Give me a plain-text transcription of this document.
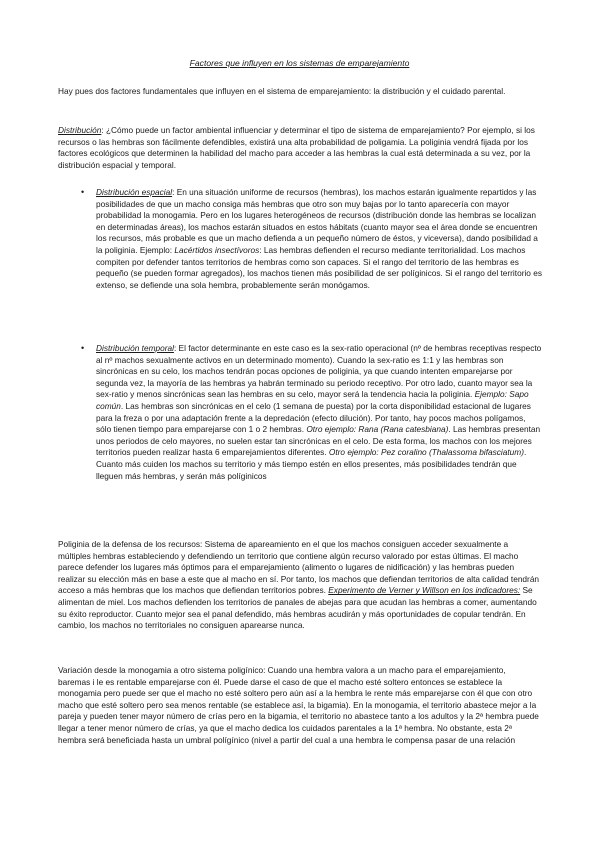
Factores que influyen en los sistemas de emparejamiento

Hay pues dos factores fundamentales que influyen en el sistema de emparejamiento: la distribución y el cuidado parental.

Distribución: ¿Cómo puede un factor ambiental influenciar y determinar el tipo de sistema de emparejamiento? Por ejemplo, si los recursos o las hembras son fácilmente defendibles, existirá una alta probabilidad de poligamia. La poliginia vendrá fijada por los factores ecológicos que determinen la habilidad del macho para acceder a las hembras la cual está determinada a su vez, por la distribución espacial y temporal.

• Distribución espacial: En una situación uniforme de recursos (hembras), los machos estarán igualmente repartidos y las posibilidades de que un macho consiga más hembras que otro son muy bajas por lo tanto aparecería con mayor probabilidad la monogamia. Pero en los lugares heterogéneos de recursos (distribución donde las hembras se localizan en determinadas áreas), los machos estarán situados en estos hábitats (cuanto mayor sea el área donde se encuentren los recursos, más probable es que un macho defienda a un pequeño número de éstos, y viceversa), dando posibilidad a la poliginia. Ejemplo: Lacértidos insectívoros: Las hembras defienden el recurso mediante territorialidad. Los machos compiten por defender tantos territorios de hembras como son capaces. Si el rango del territorio de las hembras es pequeño (se pueden formar agregados), los machos tienen más posibilidad de ser políginicos. Si el rango del territorio es extenso, se defiende una sola hembra, probablemente serán monógamos.
• Distribución temporal: El factor determinante en este caso es la sex-ratio operacional (nº de hembras receptivas respecto al nº machos sexualmente activos en un determinado momento). Cuando la sex-ratio es 1:1 y las hembras son sincrónicas en su celo, los machos tendrán pocas opciones de poliginia, ya que cuando intenten emparejarse por segunda vez, la mayoría de las hembras ya habrán terminado su periodo receptivo. Por otro lado, cuanto mayor sea la sex-ratio y menos sincrónicas sean las hembras en su celo, mayor será la tendencia hacia la poliginia. Ejemplo: Sapo común. Las hembras son sincrónicas en el celo (1 semana de puesta) por la corta disponibilidad estacional de lugares para la freza o por una adaptación frente a la depredación (efecto dilución). Por tanto, hay pocos machos polígamos, sólo tienen tiempo para emparejarse con 1 o 2 hembras. Otro ejemplo: Rana (Rana catesbiana). Las hembras presentan unos periodos de celo mayores, no suelen estar tan sincrónicas en el celo. De esta forma, los machos con los mejores territorios pueden realizar hasta 6 emparejamientos diferentes. Otro ejemplo: Pez coralino (Thalassoma bifasciatum). Cuanto más cuiden los machos su territorio y más tiempo estén en ellos presentes, más posibilidades tendrán que lleguen más hembras, y serán más políginicos

Poliginia de la defensa de los recursos: Sistema de apareamiento en el que los machos consiguen acceder sexualmente a múltiples hembras estableciendo y defendiendo un territorio que contiene algún recurso valorado por estas últimas. El macho parece defender los lugares más óptimos para el emparejamiento (alimento o lugares de nidificación) y las hembras pueden realizar su elección más en base a este que al macho en sí. Por tanto, los machos que defiendan territorios de alta calidad tendrán acceso a más hembras que los machos que defiendan territorios pobres. Experimento de Verner y Willson en los indicadores: Se alimentan de miel. Los machos defienden los territorios de panales de abejas para que acudan las hembras a comer, aumentando su éxito reproductor. Cuanto mejor sea el panal defendido, más hembras acudirán y más oportunidades de copular tendrán. En cambio, los machos no territoriales no consiguen aparearse nunca.

Variación desde la monogamia a otro sistema poligínico: Cuando una hembra valora a un macho para el emparejamiento, baremas i le es rentable emparejarse con él. Puede darse el caso de que el macho esté soltero entonces se establece la monogamia pero puede ser que el macho no esté soltero pero aún así a la hembra le rente más emparejarse con él que con otro macho que esté soltero pero sea menos rentable (se establece así, la bigamia). En la monogamia, el territorio abastece mejor a la pareja y pueden tener mayor número de crías pero en la bigamia, el territorio no abastece tanto a los adultos y la 2ª hembra puede llegar a tener menor número de crías, ya que el macho dedica los cuidados parentales a la 1ª hembra. No obstante, esta 2ª hembra será beneficiada hasta un umbral polígínico (nivel a partir del cual a una hembra le compensa pasar de una relación
